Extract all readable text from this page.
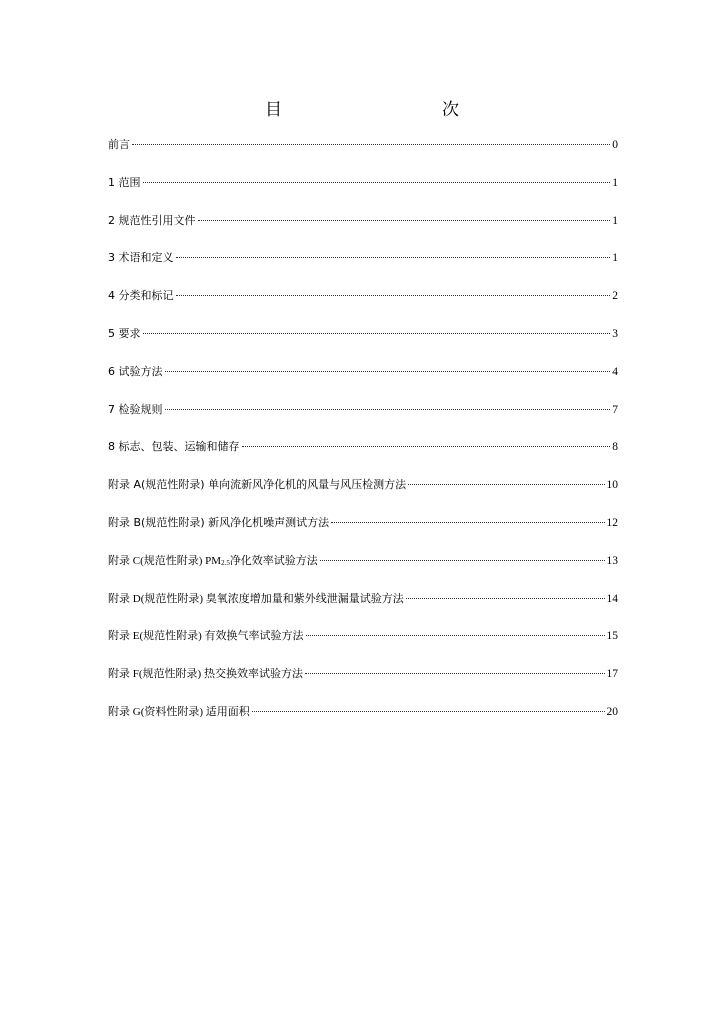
目　　次
前言	0
1 范围	1
2 规范性引用文件	1
3 术语和定义	1
4 分类和标记	2
5 要求	3
6 试验方法	4
7 检验规则	7
8 标志、包装、运输和储存	8
附录 A(规范性附录) 单向流新风净化机的风量与风压检测方法	10
附录 B(规范性附录) 新风净化机噪声测试方法	12
附录 C(规范性附录) PM2.5净化效率试验方法	13
附录 D(规范性附录) 臭氧浓度增加量和紫外线泄漏量试验方法	14
附录 E(规范性附录) 有效换气率试验方法	15
附录 F(规范性附录) 热交换效率试验方法	17
附录 G(资料性附录) 适用面积	20
